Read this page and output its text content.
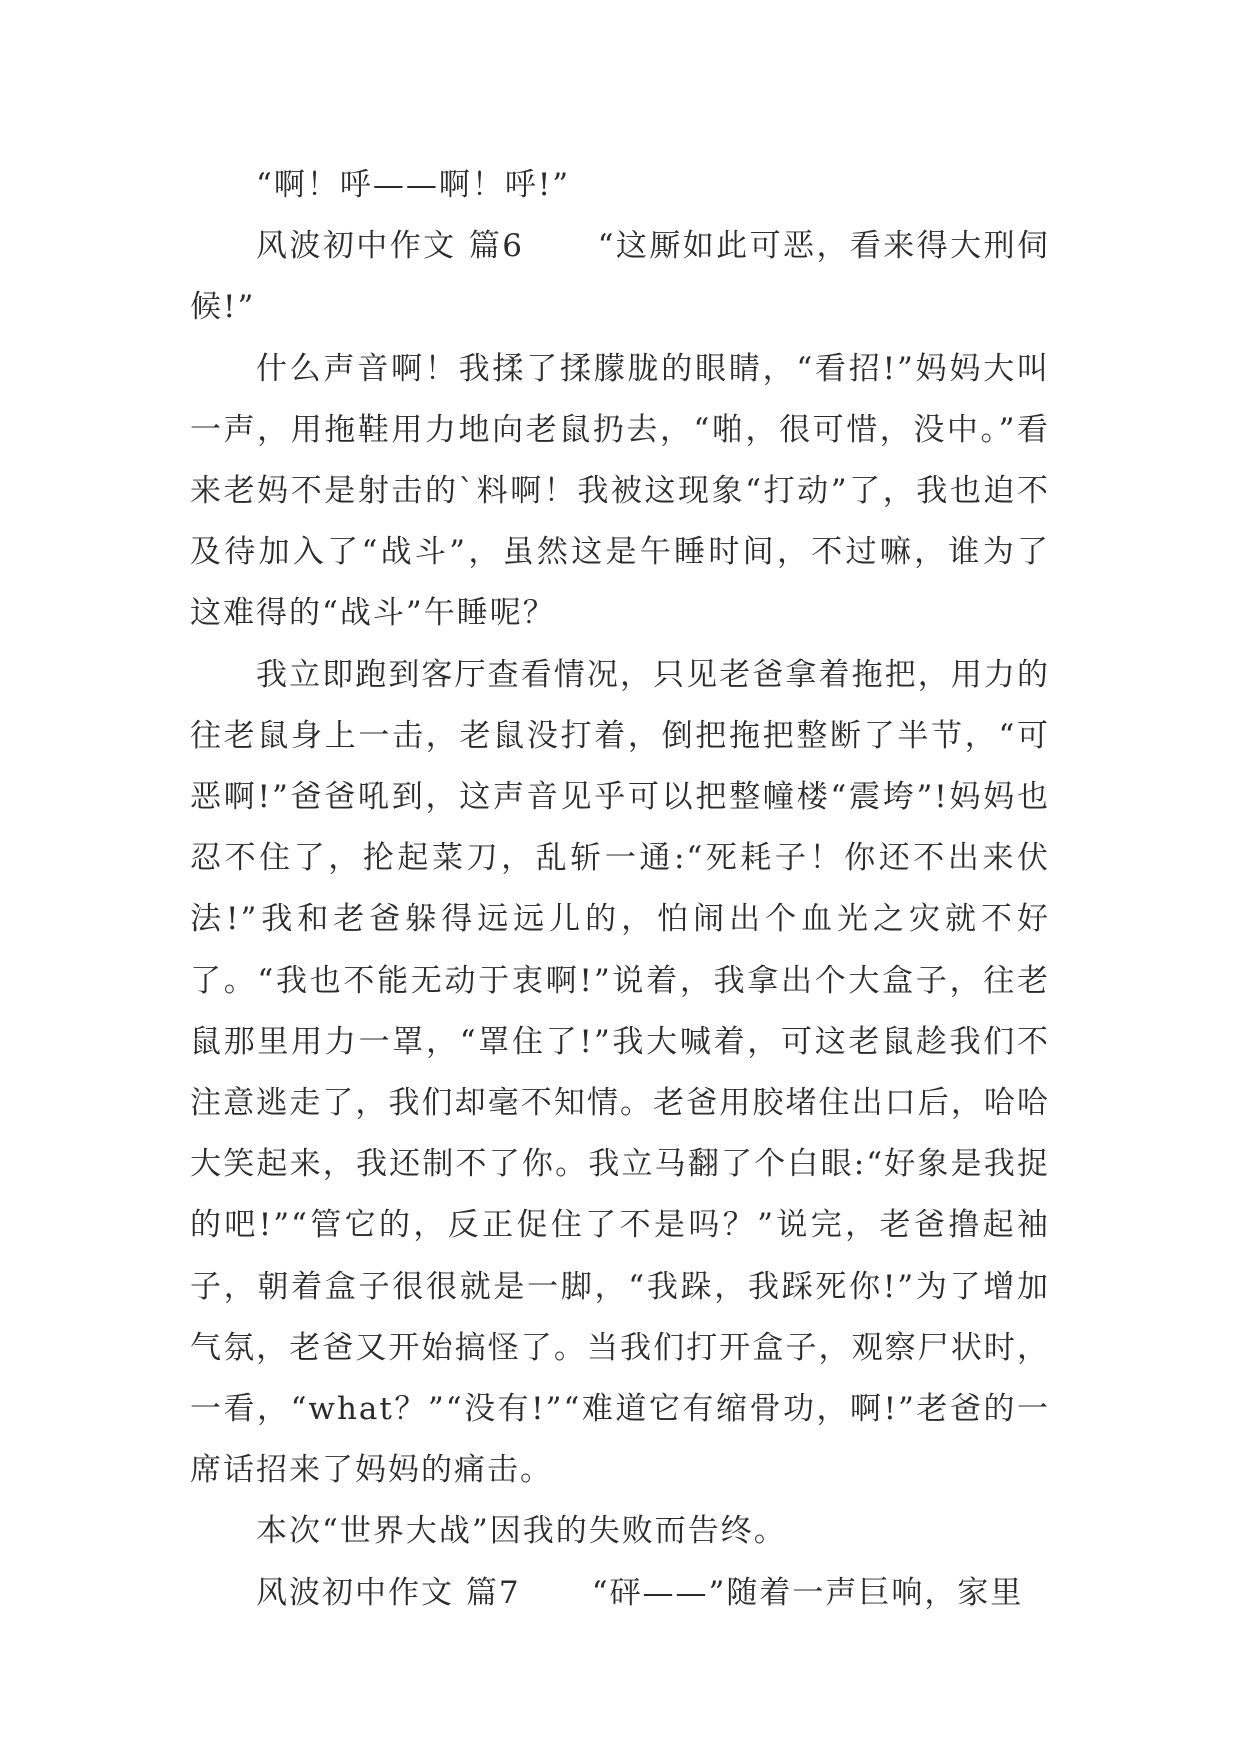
“啊！呼——啊！呼!”

风波初中作文 篇6 “这厮如此可恶，看来得大刑伺候!”

什么声音啊！我揉了揉朦胧的眼睛，“看招!”妈妈大叫一声，用拖鞋用力地向老鼠扔去，“啪，很可惜，没中。”看来老妈不是射击的`料啊！我被这现象“打动”了，我也迫不及待加入了“战斗”，虽然这是午睡时间，不过嘛，谁为了这难得的“战斗”午睡呢？

我立即跑到客厅查看情况，只见老爸拿着拖把，用力的往老鼠身上一击，老鼠没打着，倒把拖把整断了半节，“可恶啊!”爸爸吼到，这声音见乎可以把整幢楼“震垮”!妈妈也忍不住了，抡起菜刀，乱斩一通:“死耗子！你还不出来伏法!”我和老爸躲得远远儿的，怕闹出个血光之灾就不好了。“我也不能无动于衷啊!”说着，我拿出个大盒子，往老鼠那里用力一罩，“罩住了!”我大喊着，可这老鼠趁我们不注意逃走了，我们却毫不知情。老爸用胶堵住出口后，哈哈大笑起来，我还制不了你。我立马翻了个白眼:“好象是我捉的吧!”“管它的，反正促住了不是吗？”说完，老爸撸起袖子，朝着盒子很很就是一脚，“我跺，我踩死你!”为了增加气氛，老爸又开始搞怪了。当我们打开盒子，观察尸状时，一看，“what？”“没有!”“难道它有缩骨功，啊!”老爸的一席话招来了妈妈的痛击。

本次“世界大战”因我的失败而告终。

风波初中作文 篇7 “砰——”随着一声巨响，家里
